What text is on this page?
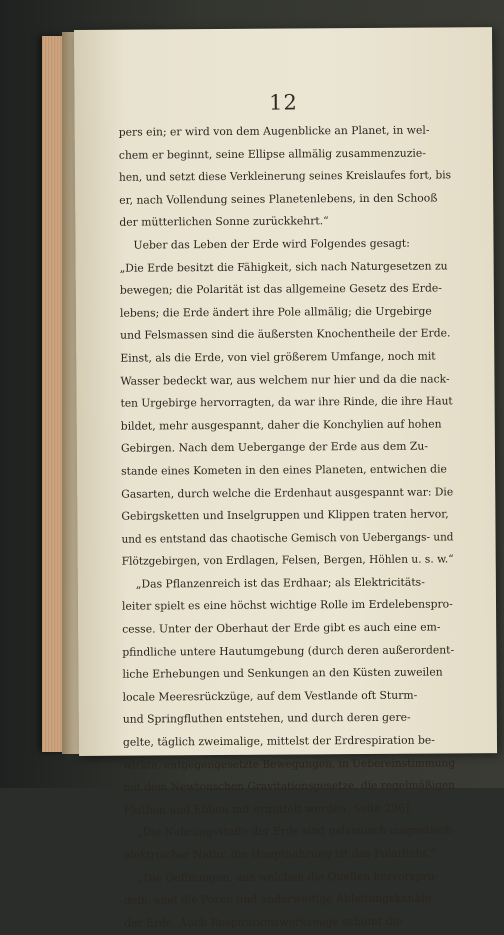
12
pers ein; er wird von dem Augenblicke an Planet, in wel-
chem er beginnt, seine Ellipse allmälig zusammenzuzie-
hen, und setzt diese Verkleinerung seines Kreislaufes fort, bis
er, nach Vollendung seines Planetenlebens, in den Schooß
der mütterlichen Sonne zurückkehrt.“
Ueber das Leben der Erde wird Folgendes gesagt:
„Die Erde besitzt die Fähigkeit, sich nach Naturgesetzen zu
bewegen; die Polarität ist das allgemeine Gesetz des Erde-
lebens; die Erde ändert ihre Pole allmälig; die Urgebirge
und Felsmassen sind die äußersten Knochentheile der Erde.
Einst, als die Erde, von viel größerem Umfange, noch mit
Wasser bedeckt war, aus welchem nur hier und da die nack-
ten Urgebirge hervorragten, da war ihre Rinde, die ihre Haut
bildet, mehr ausgespannt, daher die Konchylien auf hohen
Gebirgen. Nach dem Uebergange der Erde aus dem Zu-
stande eines Kometen in den eines Planeten, entwichen die
Gasarten, durch welche die Erdenhaut ausgespannt war: Die
Gebirgsketten und Inselgruppen und Klippen traten hervor,
und es entstand das chaotische Gemisch von Uebergangs- und
Flötzgebirgen, von Erdlagen, Felsen, Bergen, Höhlen u. s. w.“
„Das Pflanzenreich ist das Erdhaar; als Elektricitäts-
leiter spielt es eine höchst wichtige Rolle im Erdelebenspro-
cesse. Unter der Oberhaut der Erde gibt es auch eine em-
pfindliche untere Hautumgebung (durch deren außerordent-
liche Erhebungen und Senkungen an den Küsten zuweilen
locale Meeresrückzüge, auf dem Vestlande oft Sturm-
und Springfluthen entstehen, und durch deren gere-
gelte, täglich zweimalige, mittelst der Erdrespiration be-
wirkte, entgegengesetzte Bewegungen, in Uebereinstimmung
mit dem Newtonschen Gravitationsgesetze, die regelmäßigen
Fluthen und Ebben mit ermittelt werden. Seite 296].
„Die Nahrungsstoffe der Erde sind galvanisch-magnetisch-
elektrischer Natur, die Hauptnahrung ist das Polarlicht.“
„Die Oeffnungen, aus welchen die Quellen hervorspru-
deln, sind die Poren und anderweitige Ableitungskanäle
der Erde. Auch Respirationswerkzeuge scheint die
